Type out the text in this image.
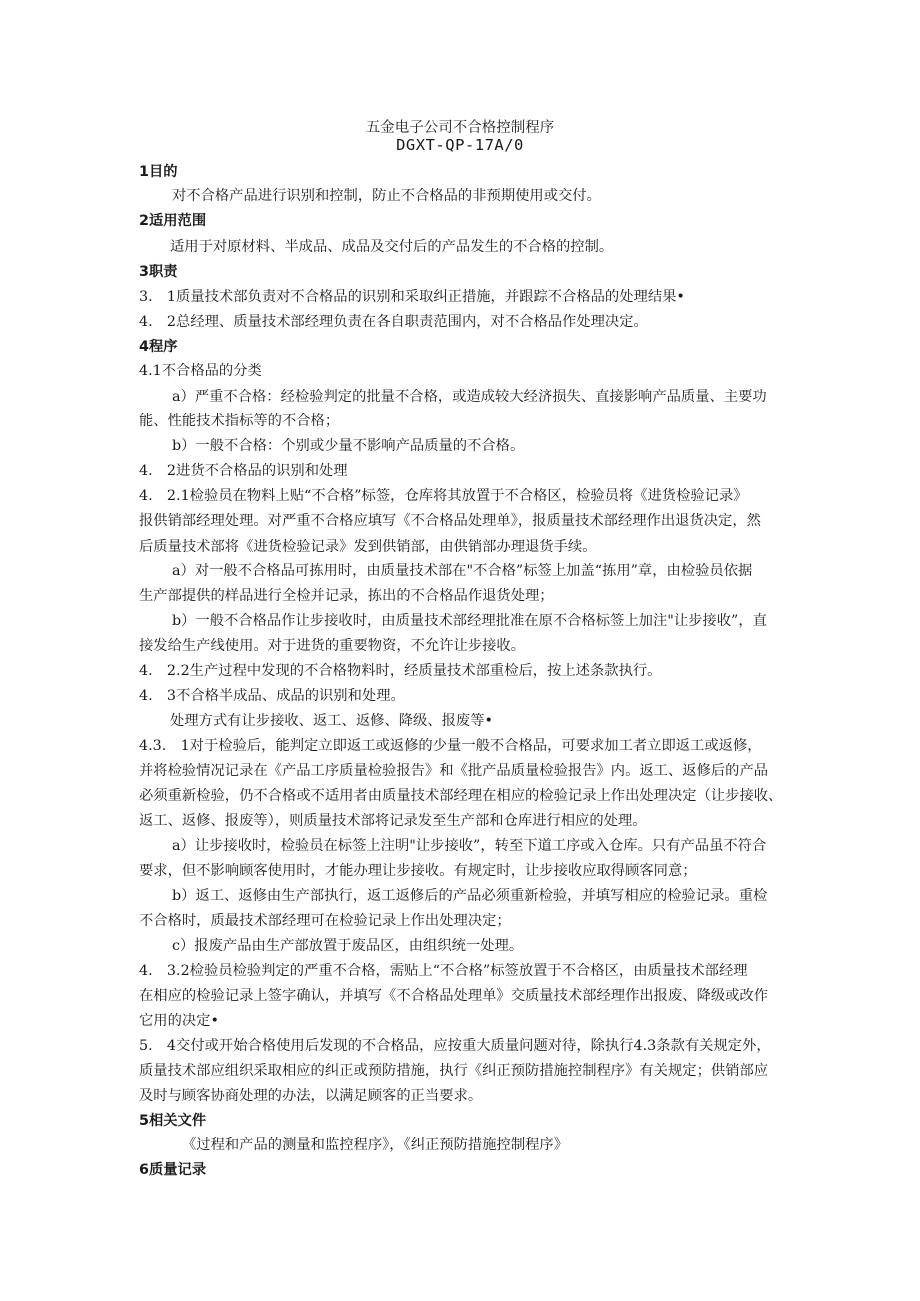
五金电子公司不合格控制程序
DGXT-QP-17A/0
1目的
对不合格产品进行识别和控制，防止不合格品的非预期使用或交付。
2适用范围
适用于对原材料、半成品、成品及交付后的产品发生的不合格的控制。
3职责
3.　1质量技术部负责对不合格品的识别和采取纠正措施，并跟踪不合格品的处理结果•
4.　2总经理、质量技术部经理负责在各自职责范围内，对不合格品作处理决定。
4程序
4.1不合格品的分类
a）严重不合格：经检验判定的批量不合格，或造成较大经济损失、直接影响产品质量、主要功
能、性能技术指标等的不合格；
b）一般不合格：个别或少量不影响产品质量的不合格。
4.　2进货不合格品的识别和处理
4.　2.1检验员在物料上贴“不合格”标签，仓库将其放置于不合格区，检验员将《进货检验记录》
报供销部经理处理。对严重不合格应填写《不合格品处理单》，报质量技术部经理作出退货决定，然
后质量技术部将《进货检验记录》发到供销部，由供销部办理退货手续。
a）对一般不合格品可拣用时，由质量技术部在"不合格”标签上加盖“拣用”章，由检验员依据
生产部提供的样品进行全检并记录，拣出的不合格品作退货处理；
b）一般不合格品作让步接收时，由质量技术部经理批准在原不合格标签上加注"让步接收”，直
接发给生产线使用。对于进货的重要物资，不允许让步接收。
4.　2.2生产过程中发现的不合格物料时，经质量技术部重检后，按上述条款执行。
4.　3不合格半成品、成品的识别和处理。
处理方式有让步接收、返工、返修、降级、报废等•
4.3.　1对于检验后，能判定立即返工或返修的少量一般不合格品，可要求加工者立即返工或返修，
并将检验情况记录在《产品工序质量检验报告》和《批产品质量检验报告》内。返工、返修后的产品
必须重新检验，仍不合格或不适用者由质量技术部经理在相应的检验记录上作出处理决定（让步接收、
返工、返修、报废等），则质量技术部将记录发至生产部和仓库进行相应的处理。
a）让步接收时，检验员在标签上注明"让步接收”，转至下道工序或入仓库。只有产品虽不符合
要求，但不影响顾客使用时，才能办理让步接收。有规定时，让步接收应取得顾客同意；
b）返工、返修由生产部执行，返工返修后的产品必须重新检验，并填写相应的检验记录。重检
不合格时，质最技术部经理可在检验记录上作出处理决定；
c）报废产品由生产部放置于废品区，由组织统一处理。
4.　3.2检验员检验判定的严重不合格，需贴上“不合格”标签放置于不合格区，由质量技术部经理
在相应的检验记录上签字确认，并填写《不合格品处理单》交质量技术部经理作出报废、降级或改作
它用的决定•
5.　4交付或开始合格使用后发现的不合格品，应按重大质量问题对待，除执行4.3条款有关规定外，
质量技术部应组织采取相应的纠正或预防措施，执行《纠正预防措施控制程序》有关规定；供销部应
及时与顾客协商处理的办法，以满足顾客的正当要求。
5相关文件
《过程和产品的测量和监控程序》，《纠正预防措施控制程序》
6质量记录
